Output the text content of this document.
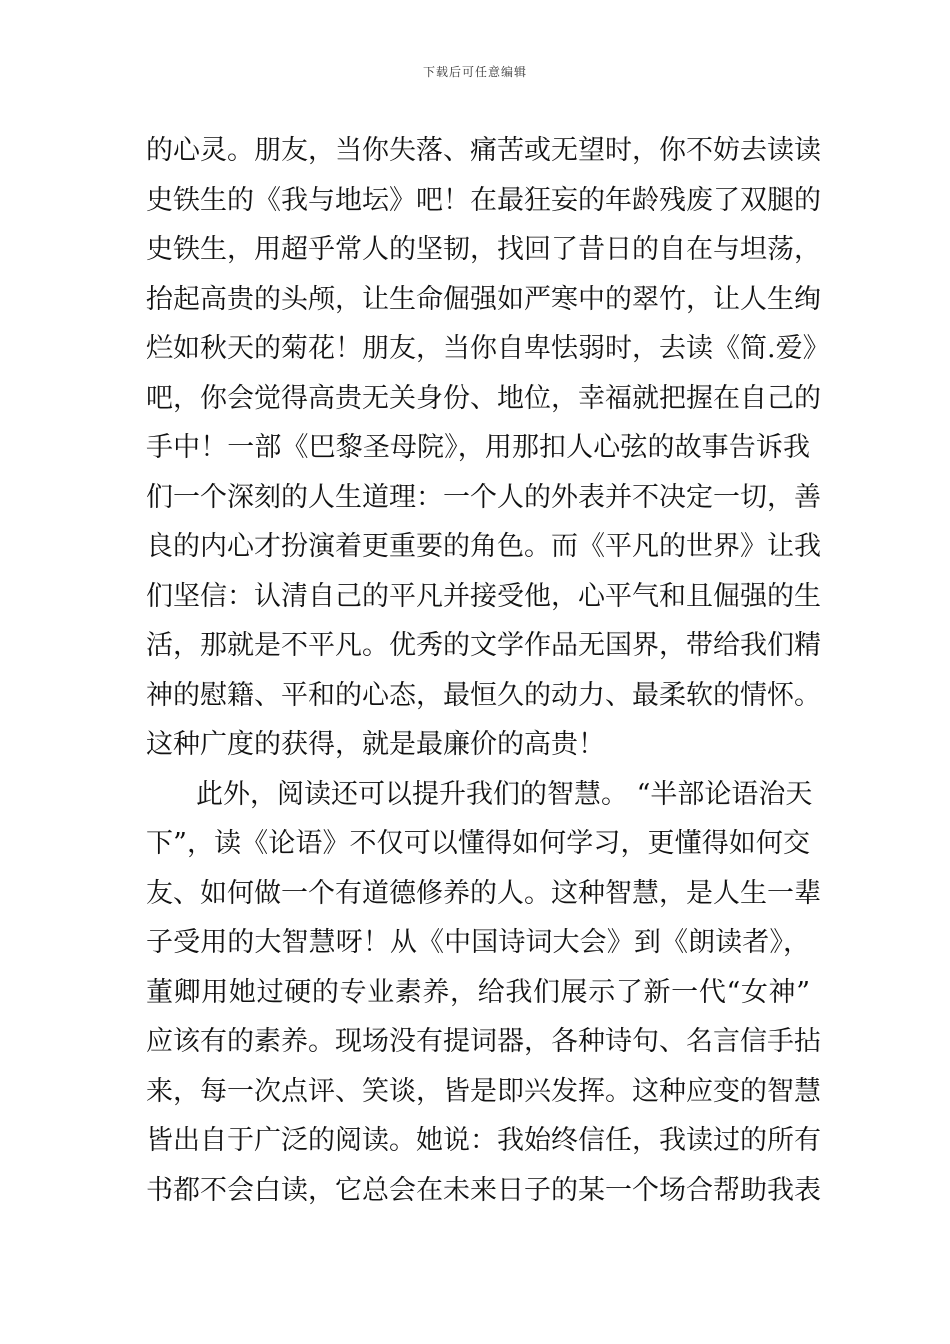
下载后可任意编辑
的心灵。朋友，当你失落、痛苦或无望时，你不妨去读读
史铁生的《我与地坛》吧！在最狂妄的年龄残废了双腿的
史铁生，用超乎常人的坚韧，找回了昔日的自在与坦荡，
抬起高贵的头颅，让生命倔强如严寒中的翠竹，让人生绚
烂如秋天的菊花！朋友，当你自卑怯弱时，去读《简.爱》
吧，你会觉得高贵无关身份、地位，幸福就把握在自己的
手中！一部《巴黎圣母院》，用那扣人心弦的故事告诉我
们一个深刻的人生道理：一个人的外表并不决定一切，善
良的内心才扮演着更重要的角色。而《平凡的世界》让我
们坚信：认清自己的平凡并接受他，心平气和且倔强的生
活，那就是不平凡。优秀的文学作品无国界，带给我们精
神的慰籍、平和的心态，最恒久的动力、最柔软的情怀。
这种广度的获得，就是最廉价的高贵！
此外，阅读还可以提升我们的智慧。 “半部论语治天
下”，读《论语》不仅可以懂得如何学习，更懂得如何交
友、如何做一个有道德修养的人。这种智慧，是人生一辈
子受用的大智慧呀！从《中国诗词大会》到《朗读者》，
董卿用她过硬的专业素养，给我们展示了新一代“女神”
应该有的素养。现场没有提词器，各种诗句、名言信手拈
来，每一次点评、笑谈，皆是即兴发挥。这种应变的智慧
皆出自于广泛的阅读。她说：我始终信任，我读过的所有
书都不会白读，它总会在未来日子的某一个场合帮助我表
